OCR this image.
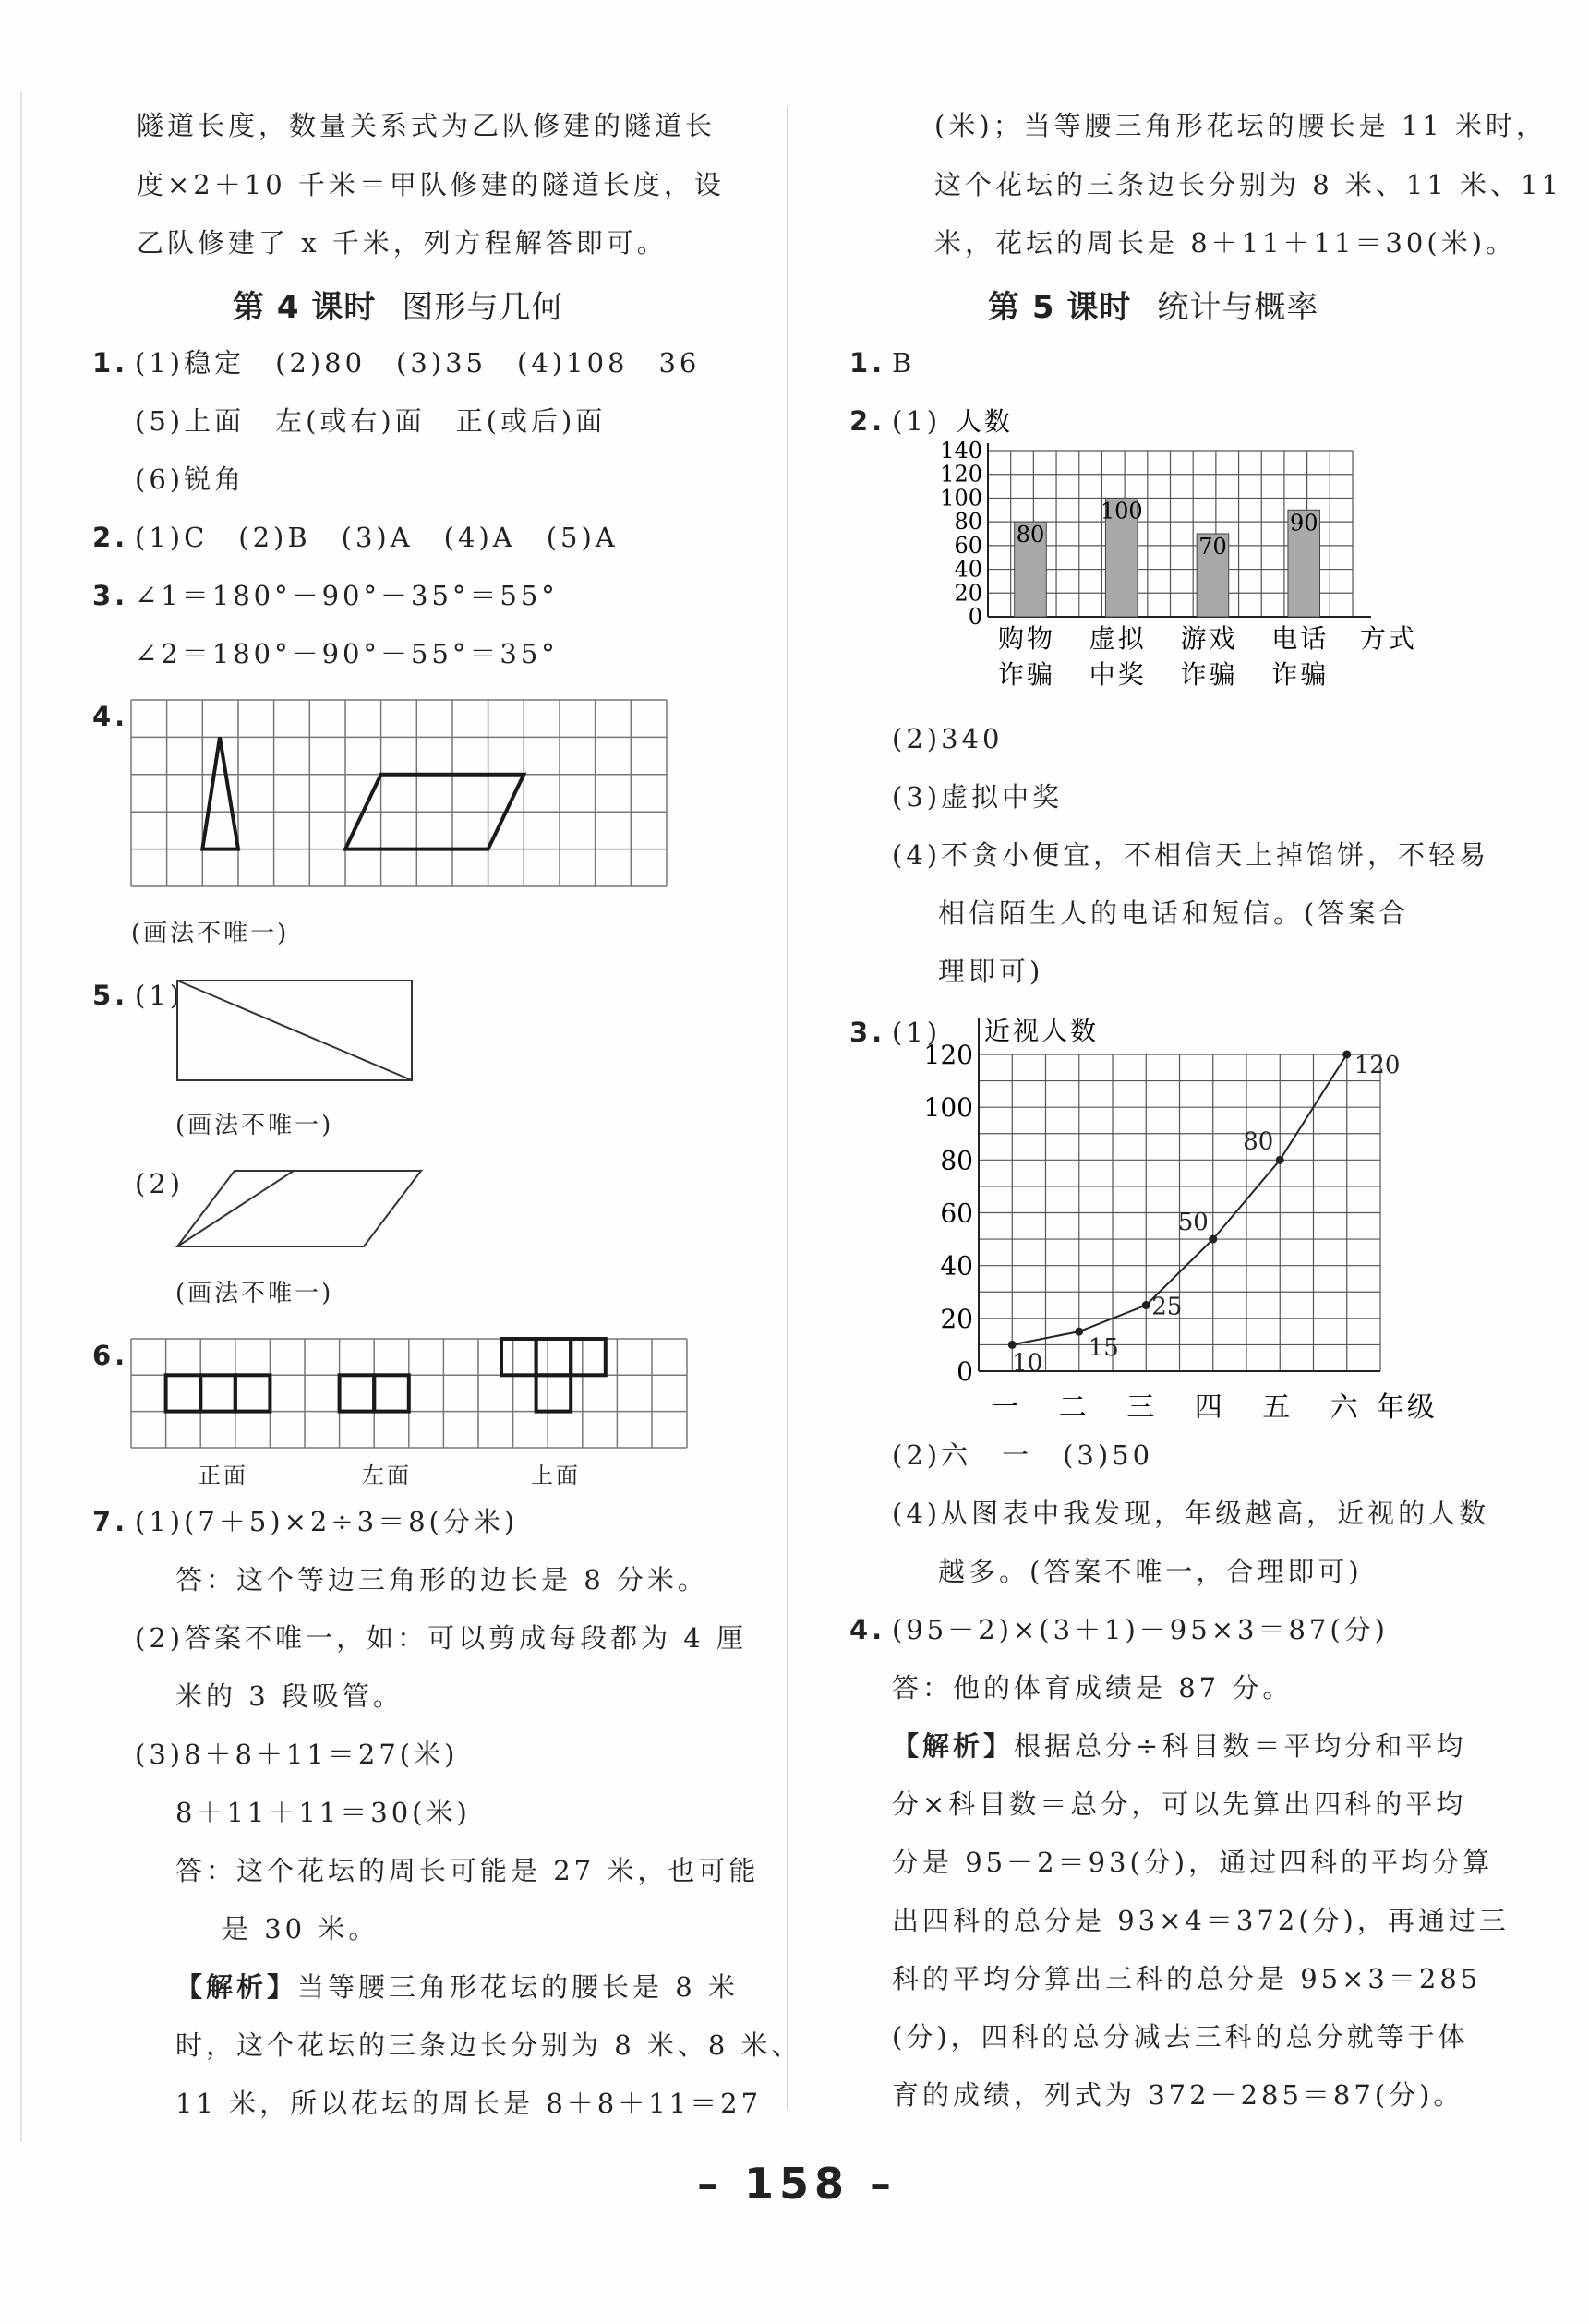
隧道长度，数量关系式为乙队修建的隧道长
度×2＋10 千米＝甲队修建的隧道长度，设
乙队修建了 x 千米，列方程解答即可。
第 4 课时 图形与几何
1. (1)稳定　(2)80　(3)35　(4)108　36
(5)上面　左(或右)面　正(或后)面
(6)锐角
2. (1)C　(2)B　(3)A　(4)A　(5)A
3. ∠1＝180°－90°－35°＝55°
∠2＝180°－90°－55°＝35°
4.
(画法不唯一)
5. (1)
(画法不唯一)
(2)
(画法不唯一)
6.
正面	左面	上面
7. (1)(7＋5)×2÷3＝8(分米)
答：这个等边三角形的边长是 8 分米。
(2)答案不唯一，如：可以剪成每段都为 4 厘
米的 3 段吸管。
(3)8＋8＋11＝27(米)
8＋11＋11＝30(米)
答：这个花坛的周长可能是 27 米，也可能
是 30 米。
【解析】当等腰三角形花坛的腰长是 8 米
时，这个花坛的三条边长分别为 8 米、8 米、
11 米，所以花坛的周长是 8＋8＋11＝27
(米)；当等腰三角形花坛的腰长是 11 米时，
这个花坛的三条边长分别为 8 米、11 米、11
米，花坛的周长是 8＋11＋11＝30(米)。
第 5 课时 统计与概率
1. B
2. (1)
0
20
40
60
80
100
120
140
人数
80
购物
诈骗
100
虚拟
中奖
70
游戏
诈骗
90
电话
诈骗
方式
(2)340
(3)虚拟中奖
(4)不贪小便宜，不相信天上掉馅饼，不轻易
相信陌生人的电话和短信。(答案合
理即可)
3. (1)
0
20
40
60
80
100
120
近视人数
10
15
25
50
80
120
一 二 三 四 五 六 年级
(2)六　一　(3)50
(4)从图表中我发现，年级越高，近视的人数
越多。(答案不唯一，合理即可)
4. (95－2)×(3＋1)－95×3＝87(分)
答：他的体育成绩是 87 分。
【解析】根据总分÷科目数＝平均分和平均
分×科目数＝总分，可以先算出四科的平均
分是 95－2＝93(分)，通过四科的平均分算
出四科的总分是 93×4＝372(分)，再通过三
科的平均分算出三科的总分是 95×3＝285
(分)，四科的总分减去三科的总分就等于体
育的成绩，列式为 372－285＝87(分)。
– 158 –
